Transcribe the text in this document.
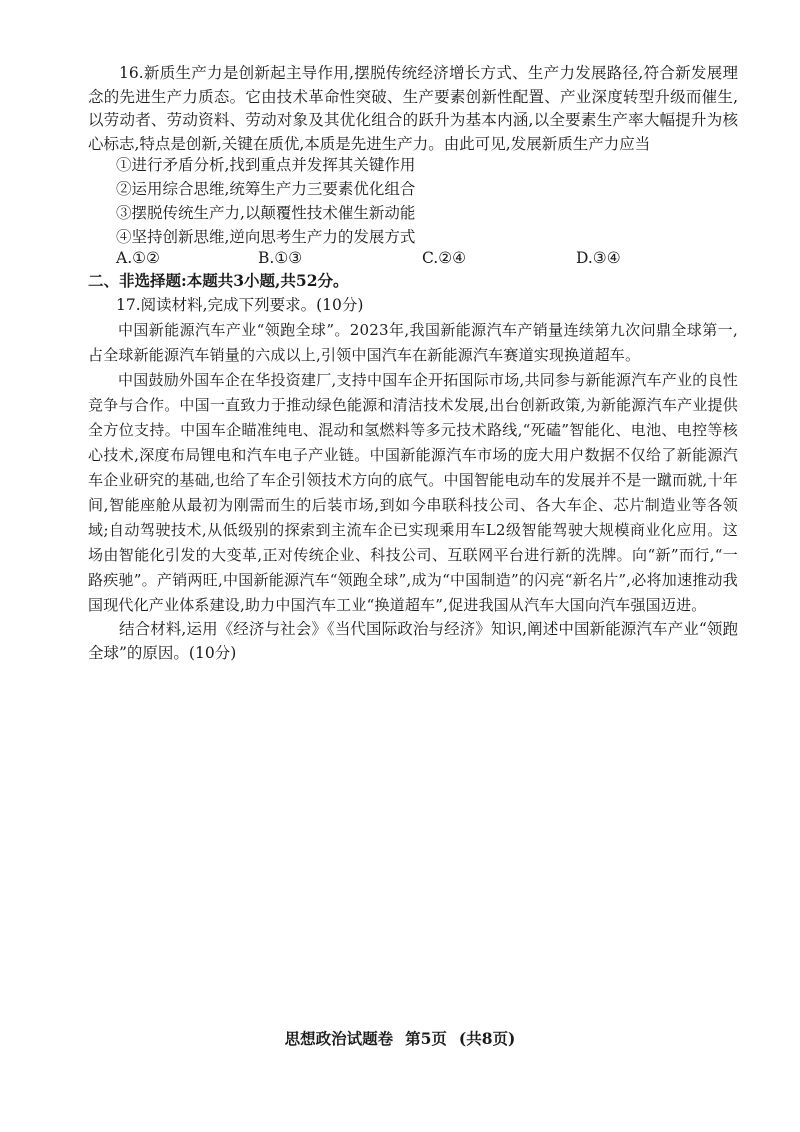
16.新质生产力是创新起主导作用,摆脱传统经济增长方式、生产力发展路径,符合新发展理念的先进生产力质态。它由技术革命性突破、生产要素创新性配置、产业深度转型升级而催生,以劳动者、劳动资料、劳动对象及其优化组合的跃升为基本内涵,以全要素生产率大幅提升为核心标志,特点是创新,关键在质优,本质是先进生产力。由此可见,发展新质生产力应当

①进行矛盾分析,找到重点并发挥其关键作用

②运用综合思维,统筹生产力三要素优化组合

③摆脱传统生产力,以颠覆性技术催生新动能

④坚持创新思维,逆向思考生产力的发展方式

A.①②	B.①③	C.②④	D.③④

二、非选择题:本题共3小题,共52分。

17.阅读材料,完成下列要求。(10分)

中国新能源汽车产业“领跑全球”。2023年,我国新能源汽车产销量连续第九次问鼎全球第一,占全球新能源汽车销量的六成以上,引领中国汽车在新能源汽车赛道实现换道超车。

中国鼓励外国车企在华投资建厂,支持中国车企开拓国际市场,共同参与新能源汽车产业的良性竞争与合作。中国一直致力于推动绿色能源和清洁技术发展,出台创新政策,为新能源汽车产业提供全方位支持。中国车企瞄准纯电、混动和氢燃料等多元技术路线,“死磕”智能化、电池、电控等核心技术,深度布局锂电和汽车电子产业链。中国新能源汽车市场的庞大用户数据不仅给了新能源汽车企业研究的基础,也给了车企引领技术方向的底气。中国智能电动车的发展并不是一蹴而就,十年间,智能座舱从最初为刚需而生的后装市场,到如今串联科技公司、各大车企、芯片制造业等各领域;自动驾驶技术,从低级别的探索到主流车企已实现乘用车L2级智能驾驶大规模商业化应用。这场由智能化引发的大变革,正对传统企业、科技公司、互联网平台进行新的洗牌。向“新”而行,“一路疾驰”。产销两旺,中国新能源汽车“领跑全球”,成为“中国制造”的闪亮“新名片”,必将加速推动我国现代化产业体系建设,助力中国汽车工业“换道超车”,促进我国从汽车大国向汽车强国迈进。

结合材料,运用《经济与社会》《当代国际政治与经济》知识,阐述中国新能源汽车产业“领跑全球”的原因。(10分)

思想政治试题卷 第5页 (共8页)
